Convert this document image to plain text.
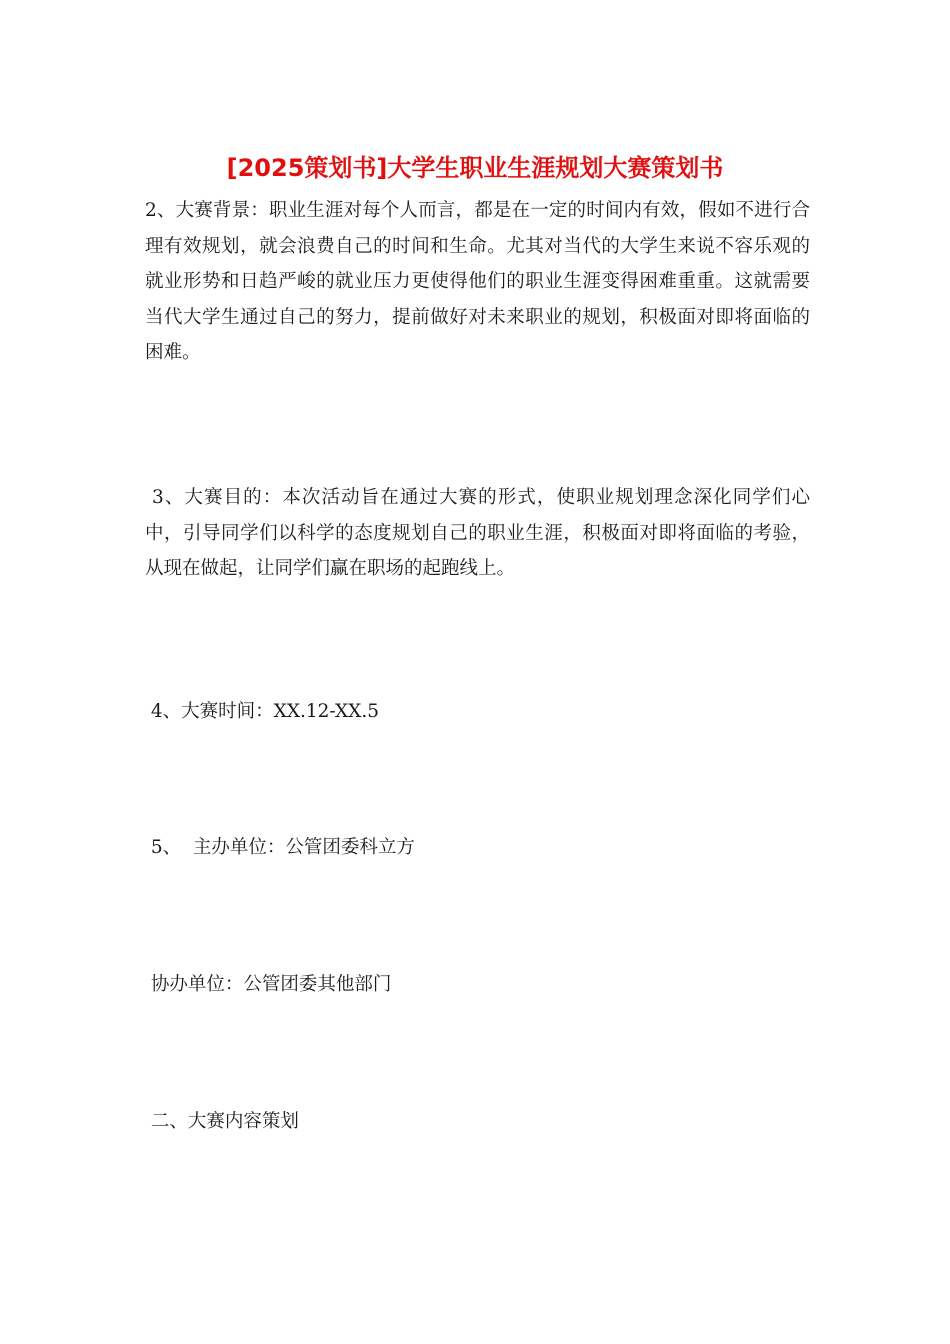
[2025策划书]大学生职业生涯规划大赛策划书

2、大赛背景：职业生涯对每个人而言，都是在一定的时间内有效，假如不进行合理有效规划，就会浪费自己的时间和生命。尤其对当代的大学生来说不容乐观的就业形势和日趋严峻的就业压力更使得他们的职业生涯变得困难重重。这就需要当代大学生通过自己的努力，提前做好对未来职业的规划，积极面对即将面临的困难。

3、大赛目的：本次活动旨在通过大赛的形式，使职业规划理念深化同学们心中，引导同学们以科学的态度规划自己的职业生涯，积极面对即将面临的考验，从现在做起，让同学们赢在职场的起跑线上。

4、大赛时间：XX.12-XX.5

5、  主办单位：公管团委科立方

协办单位：公管团委其他部门

二、大赛内容策划
